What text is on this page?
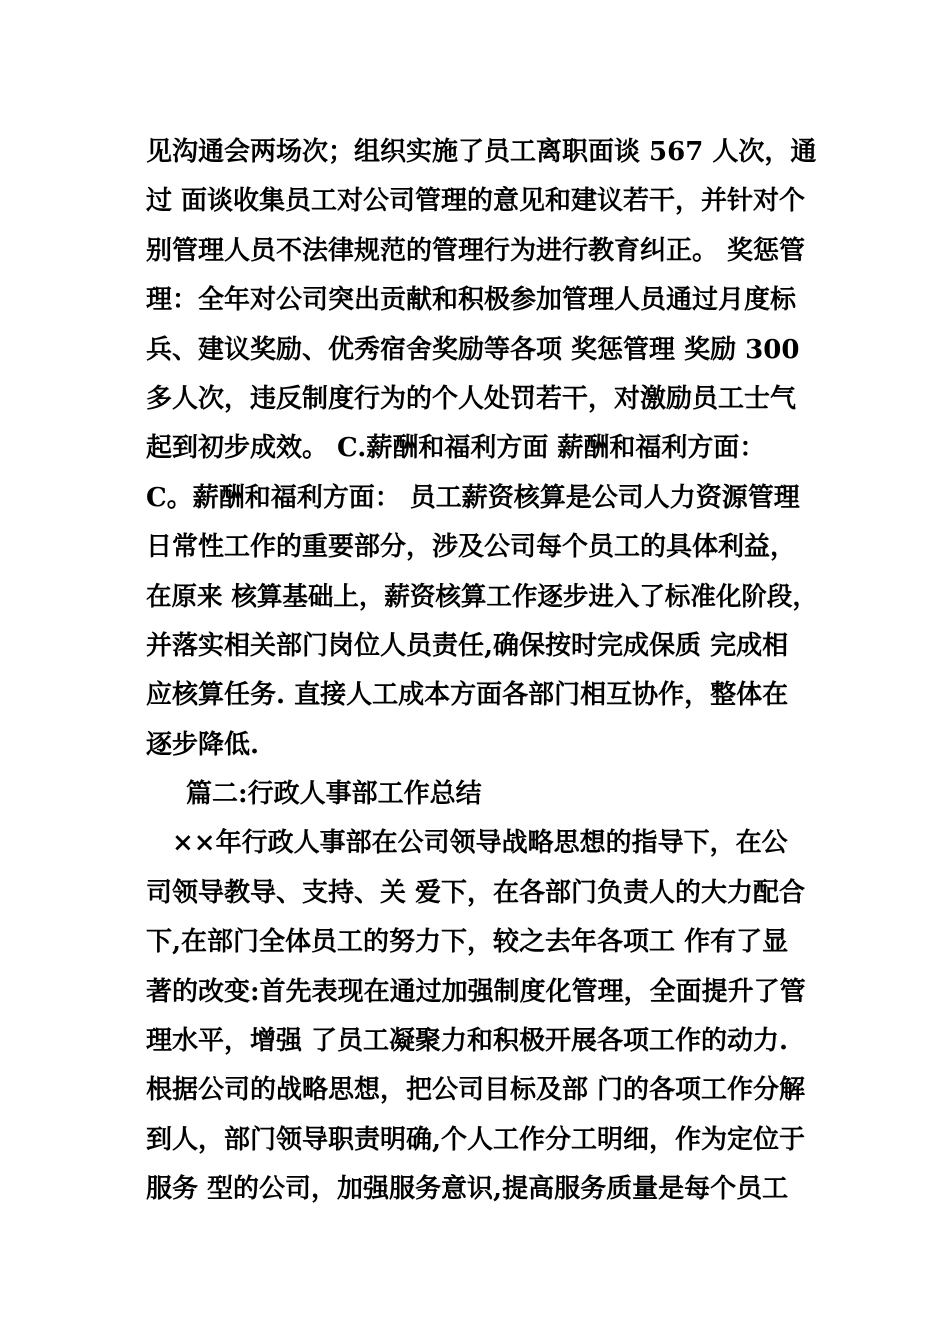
见沟通会两场次；组织实施了员工离职面谈 567 人次，通
过 面谈收集员工对公司管理的意见和建议若干，并针对个
别管理人员不法律规范的管理行为进行教育纠正。 奖惩管
理：全年对公司突出贡献和积极参加管理人员通过月度标
兵、建议奖励、优秀宿舍奖励等各项 奖惩管理 奖励 300
多人次，违反制度行为的个人处罚若干，对激励员工士气
起到初步成效。 C.薪酬和福利方面 薪酬和福利方面：
C。薪酬和福利方面： 员工薪资核算是公司人力资源管理
日常性工作的重要部分，涉及公司每个员工的具体利益，
在原来 核算基础上，薪资核算工作逐步进入了标准化阶段，
并落实相关部门岗位人员责任,确保按时完成保质 完成相
应核算任务. 直接人工成本方面各部门相互协作，整体在
逐步降低.
篇二:行政人事部工作总结
××年行政人事部在公司领导战略思想的指导下，在公
司领导教导、支持、关 爱下，在各部门负责人的大力配合
下,在部门全体员工的努力下，较之去年各项工 作有了显
著的改变:首先表现在通过加强制度化管理，全面提升了管
理水平，增强 了员工凝聚力和积极开展各项工作的动力.
根据公司的战略思想，把公司目标及部 门的各项工作分解
到人，部门领导职责明确,个人工作分工明细，作为定位于
服务 型的公司，加强服务意识,提高服务质量是每个员工
